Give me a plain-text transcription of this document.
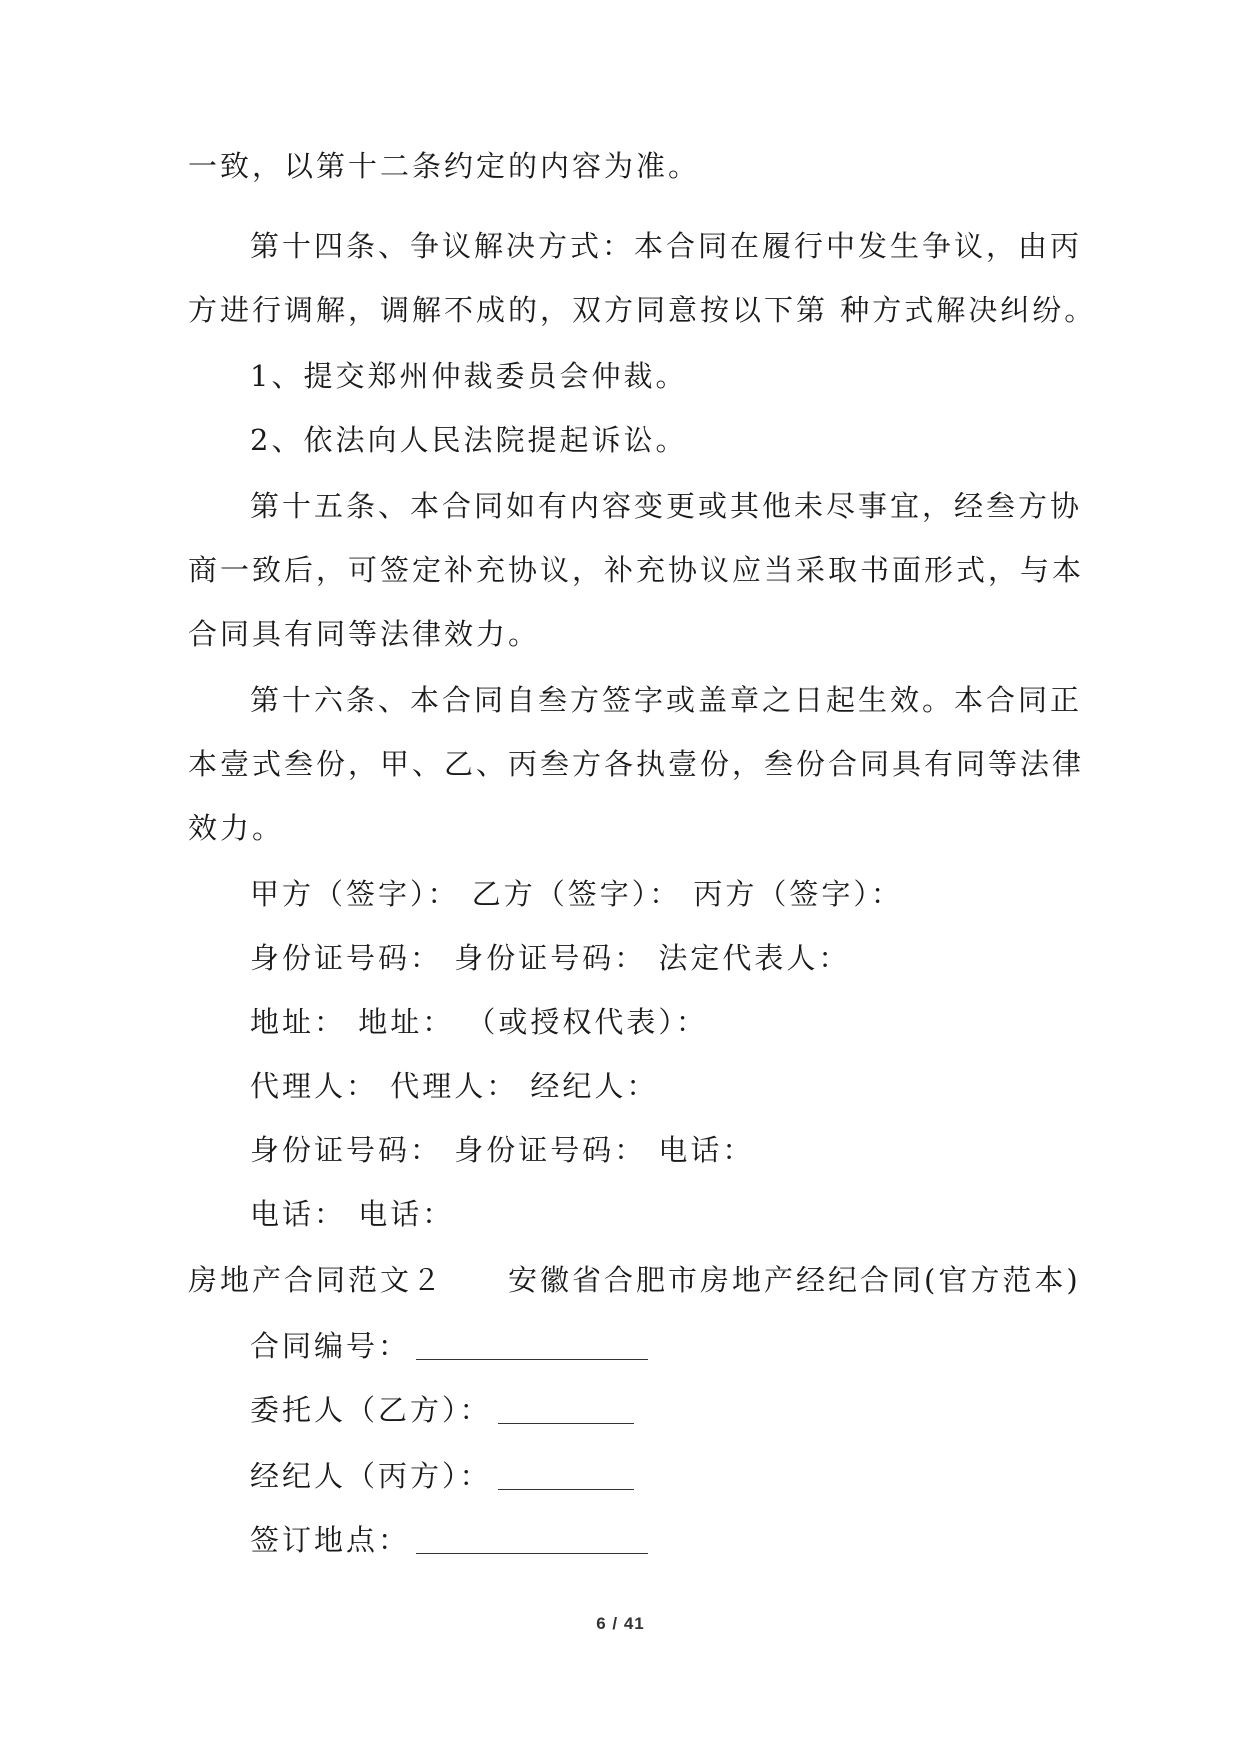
一致，以第十二条约定的内容为准。
第十四条、争议解决方式：本合同在履行中发生争议，由丙
方进行调解，调解不成的，双方同意按以下第 种方式解决纠纷。
1、提交郑州仲裁委员会仲裁。
2、依法向人民法院提起诉讼。
第十五条、本合同如有内容变更或其他未尽事宜，经叁方协
商一致后，可签定补充协议，补充协议应当采取书面形式，与本
合同具有同等法律效力。
第十六条、本合同自叁方签字或盖章之日起生效。本合同正
本壹式叁份，甲、乙、丙叁方各执壹份，叁份合同具有同等法律
效力。
甲方（签字）： 乙方（签字）： 丙方（签字）：
身份证号码： 身份证号码： 法定代表人：
地址： 地址： （或授权代表）：
代理人： 代理人： 经纪人：
身份证号码： 身份证号码： 电话：
电话： 电话：
房地产合同范文２　　安徽省合肥市房地产经纪合同(官方范本)
合同编号：
委托人（乙方）：
经纪人（丙方）：
签订地点：
6 / 41
